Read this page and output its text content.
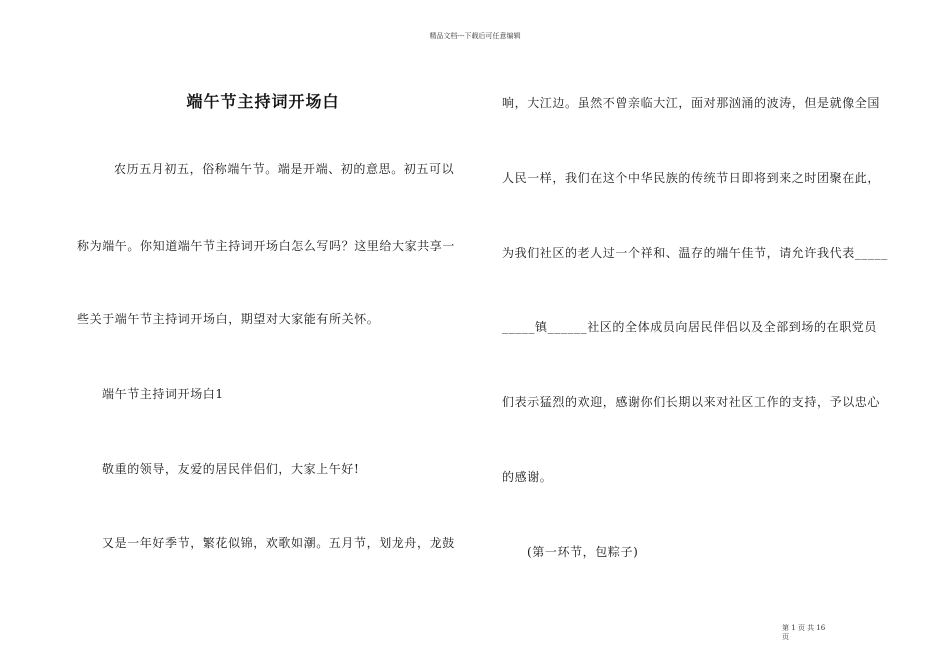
精品文档---下载后可任意编辑
端午节主持词开场白
农历五月初五，俗称端午节。端是开端、初的意思。初五可以
称为端午。你知道端午节主持词开场白怎么写吗？这里给大家共享一
些关于端午节主持词开场白，期望对大家能有所关怀。
端午节主持词开场白1
敬重的领导，友爱的居民伴侣们，大家上午好!
又是一年好季节，繁花似锦，欢歌如潮。五月节，划龙舟，龙鼓
响，大江边。虽然不曾亲临大江，面对那汹涌的波涛，但是就像全国
人民一样，我们在这个中华民族的传统节日即将到来之时团聚在此，
为我们社区的老人过一个祥和、温存的端午佳节，请允许我代表_____
_____镇______社区的全体成员向居民伴侣以及全部到场的在职党员
们表示猛烈的欢迎，感谢你们长期以来对社区工作的支持，予以忠心
的感谢。
(第一环节，包粽子)
第 1 页 共 16
页
